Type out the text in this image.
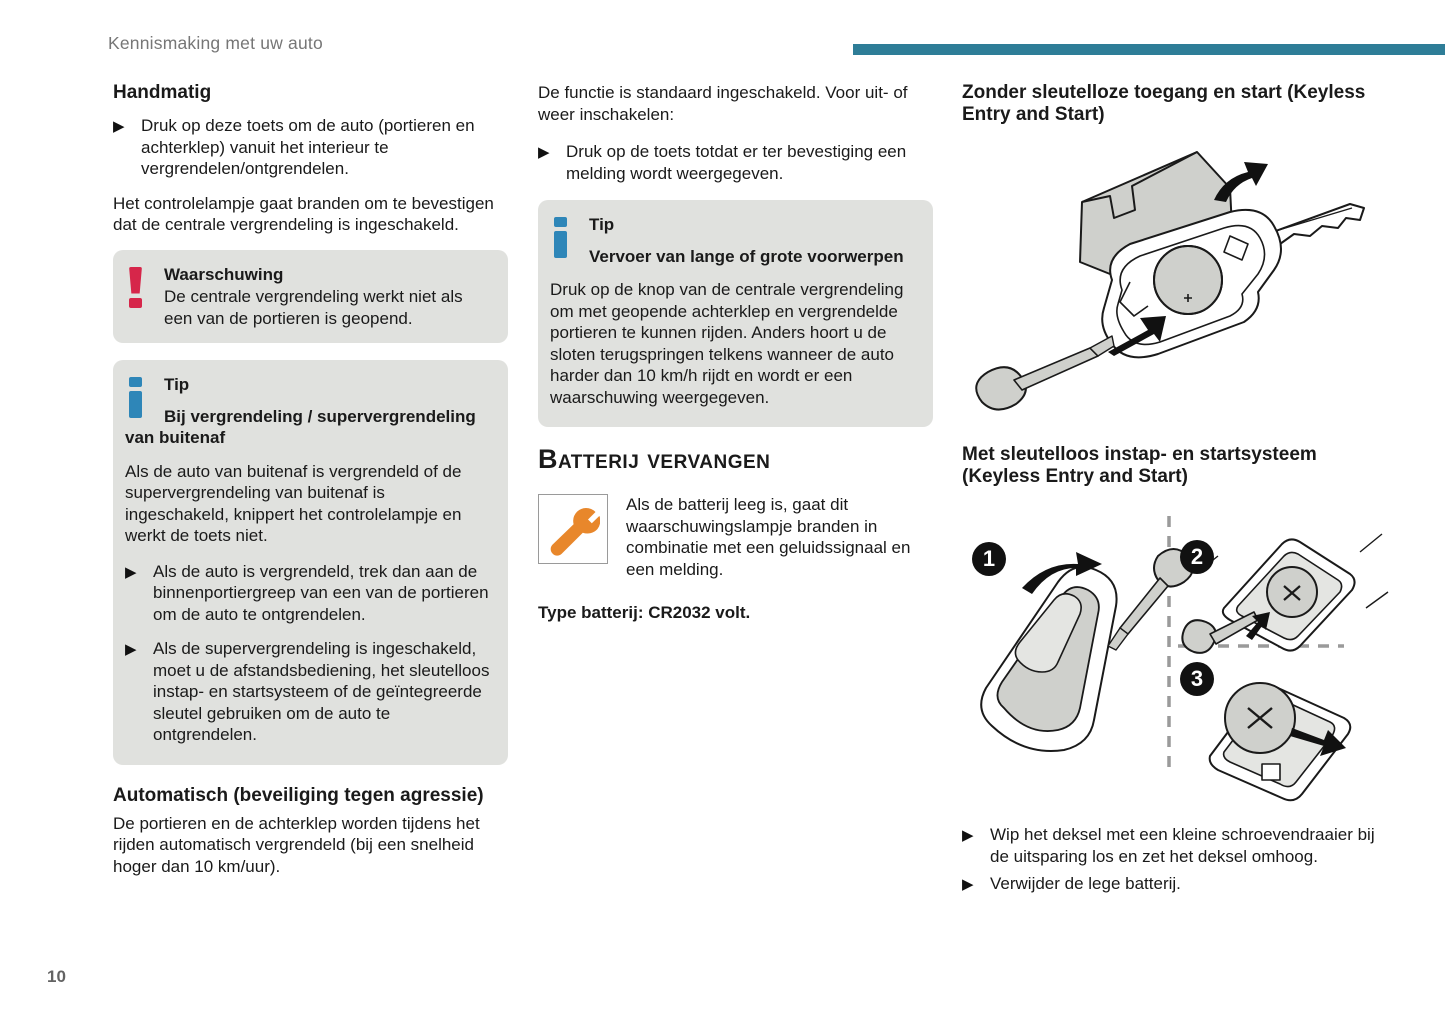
Kennismaking met uw auto
Handmatig
▶ Druk op deze toets om de auto (portieren en achterklep) vanuit het interieur te vergrendelen/ontgrendelen.
Het controlelampje gaat branden om te bevestigen dat de centrale vergrendeling is ingeschakeld.
Waarschuwing
De centrale vergrendeling werkt niet als een van de portieren is geopend.
Tip
Bij vergrendeling / supervergrendeling van buitenaf
Als de auto van buitenaf is vergrendeld of de supervergrendeling van buitenaf is ingeschakeld, knippert het controlelampje en werkt de toets niet.
▶ Als de auto is vergrendeld, trek dan aan de binnenportiergreep van een van de portieren om de auto te ontgrendelen.
▶ Als de supervergrendeling is ingeschakeld, moet u de afstandsbediening, het sleutelloos instap- en startsysteem of de geïntegreerde sleutel gebruiken om de auto te ontgrendelen.
Automatisch (beveiliging tegen agressie)
De portieren en de achterklep worden tijdens het rijden automatisch vergrendeld (bij een snelheid hoger dan 10 km/uur).
De functie is standaard ingeschakeld. Voor uit- of weer inschakelen:
▶ Druk op de toets totdat er ter bevestiging een melding wordt weergegeven.
Tip
Vervoer van lange of grote voorwerpen
Druk op de knop van de centrale vergrendeling om met geopende achterklep en vergrendelde portieren te kunnen rijden. Anders hoort u de sloten terugspringen telkens wanneer de auto harder dan 10 km/h rijdt en wordt er een waarschuwing weergegeven.
Batterij vervangen
Als de batterij leeg is, gaat dit waarschuwingslampje branden in combinatie met een geluidssignaal en een melding.
Type batterij: CR2032 volt.
Zonder sleutelloze toegang en start (Keyless Entry and Start)
Met sleutelloos instap- en startsysteem (Keyless Entry and Start)
1	2
3
▶ Wip het deksel met een kleine schroevendraaier bij de uitsparing los en zet het deksel omhoog.
▶ Verwijder de lege batterij.
10
